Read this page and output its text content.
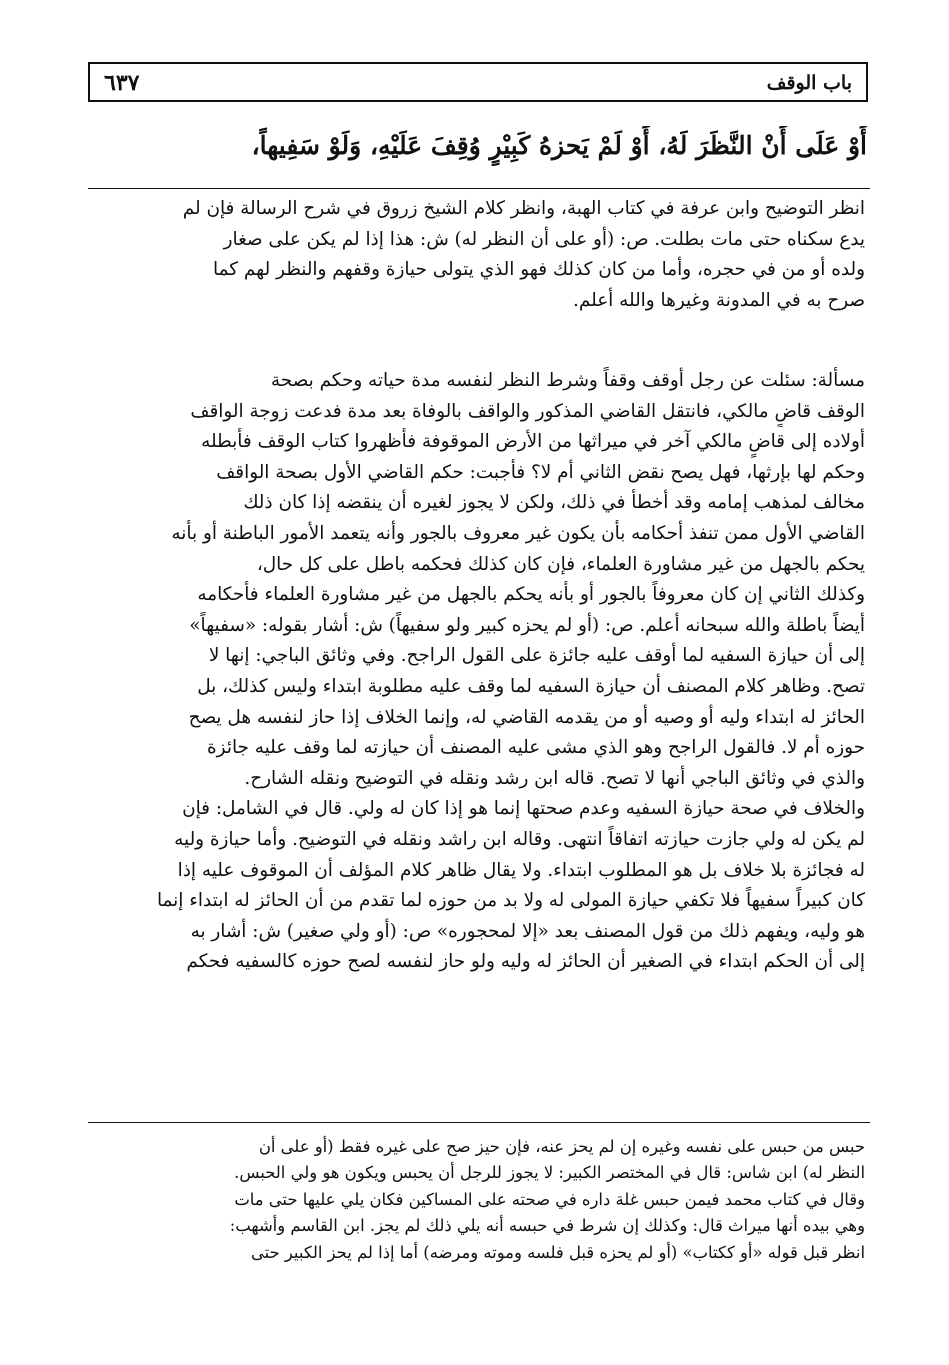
باب الوقف
٦٣٧
أَوْ عَلَى أَنْ النَّظَرَ لَهُ، أَوْ لَمْ يَحزهُ كَبِيْرٍ وُقِفَ عَلَيْهِ، وَلَوْ سَفِيهاً،

انظر التوضيح وابن عرفة في كتاب الهبة، وانظر كلام الشيخ زروق في شرح الرسالة فإن لم

يدع سكناه حتى مات بطلت. ص: (أو على أن النظر له) ش: هذا إذا لم يكن على صغار

ولده أو من في حجره، وأما من كان كذلك فهو الذي يتولى حيازة وقفهم والنظر لهم كما

صرح به في المدونة وغيرها والله أعلم.

مسألة: سئلت عن رجل أوقف وقفاً وشرط النظر لنفسه مدة حياته وحكم بصحة

الوقف قاضٍ مالكي، فانتقل القاضي المذكور والواقف بالوفاة بعد مدة فدعت زوجة الواقف

أولاده إلى قاضٍ مالكي آخر في ميراثها من الأرض الموقوفة فأظهروا كتاب الوقف فأبطله

وحكم لها بإرثها، فهل يصح نقض الثاني أم لا؟ فأجبت: حكم القاضي الأول بصحة الواقف

مخالف لمذهب إمامه وقد أخطأ في ذلك، ولكن لا يجوز لغيره أن ينقضه إذا كان ذلك

القاضي الأول ممن تنفذ أحكامه بأن يكون غير معروف بالجور وأنه يتعمد الأمور الباطنة أو بأنه

يحكم بالجهل من غير مشاورة العلماء، فإن كان كذلك فحكمه باطل على كل حال،

وكذلك الثاني إن كان معروفاً بالجور أو بأنه يحكم بالجهل من غير مشاورة العلماء فأحكامه

أيضاً باطلة والله سبحانه أعلم. ص: (أو لم يحزه كبير ولو سفيهاً) ش: أشار بقوله: «سفيهاً»

إلى أن حيازة السفيه لما أوقف عليه جائزة على القول الراجح. وفي وثائق الباجي: إنها لا

تصح. وظاهر كلام المصنف أن حيازة السفيه لما وقف عليه مطلوبة ابتداء وليس كذلك، بل

الحائز له ابتداء وليه أو وصيه أو من يقدمه القاضي له، وإنما الخلاف إذا حاز لنفسه هل يصح

حوزه أم لا. فالقول الراجح وهو الذي مشى عليه المصنف أن حيازته لما وقف عليه جائزة

والذي في وثائق الباجي أنها لا تصح. قاله ابن رشد ونقله في التوضيح ونقله الشارح.

والخلاف في صحة حيازة السفيه وعدم صحتها إنما هو إذا كان له ولي. قال في الشامل: فإن

لم يكن له ولي جازت حيازته اتفاقاً انتهى. وقاله ابن راشد ونقله في التوضيح. وأما حيازة وليه

له فجائزة بلا خلاف بل هو المطلوب ابتداء. ولا يقال ظاهر كلام المؤلف أن الموقوف عليه إذا

كان كبيراً سفيهاً فلا تكفي حيازة المولى له ولا بد من حوزه لما تقدم من أن الحائز له ابتداء إنما

هو وليه، ويفهم ذلك من قول المصنف بعد «إلا لمحجوره» ص: (أو ولي صغير) ش: أشار به

إلى أن الحكم ابتداء في الصغير أن الحائز له وليه ولو حاز لنفسه لصح حوزه كالسفيه فحكم

حبس من حبس على نفسه وغيره إن لم يحز عنه، فإن حيز صح على غيره فقط (أو على أن

النظر له) ابن شاس: قال في المختصر الكبير: لا يجوز للرجل أن يحبس ويكون هو ولي الحبس.

وقال في كتاب محمد فيمن حبس غلة داره في صحته على المساكين فكان يلي عليها حتى مات

وهي بيده أنها ميراث قال: وكذلك إن شرط في حبسه أنه يلي ذلك لم يجز. ابن القاسم وأشهب:

انظر قبل قوله «أو ككتاب» (أو لم يحزه قبل فلسه وموته ومرضه) أما إذا لم يحز الكبير حتى
